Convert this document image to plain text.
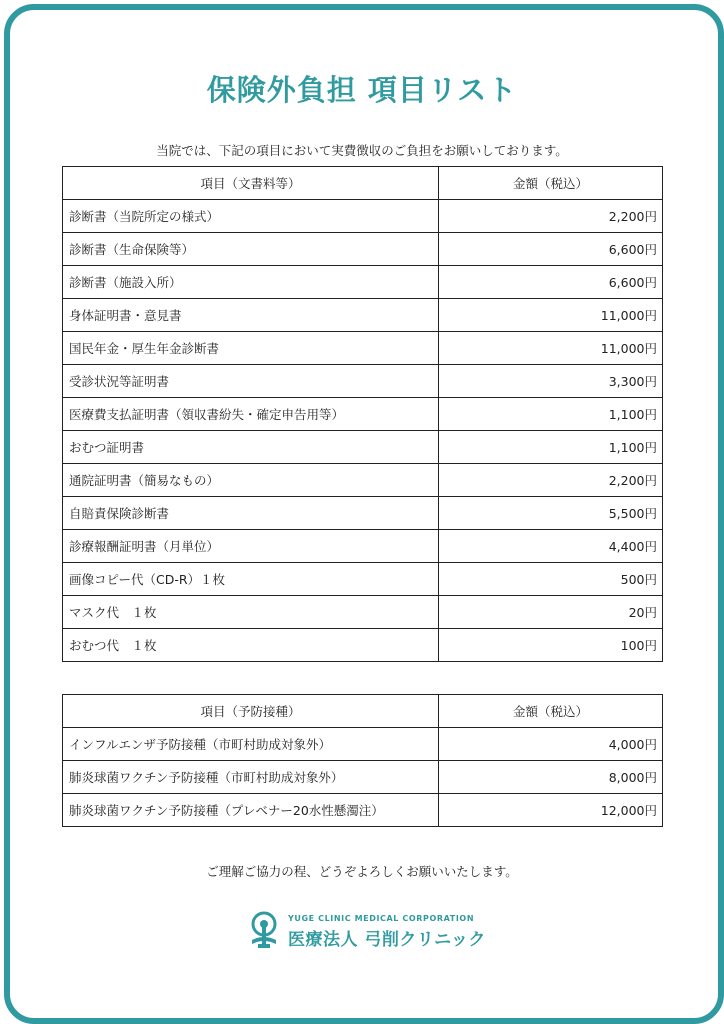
保険外負担 項目リスト
当院では、下記の項目において実費徴収のご負担をお願いしております。
項目（文書料等）	金額（税込）
診断書（当院所定の様式）	2,200円
診断書（生命保険等）	6,600円
診断書（施設入所）	6,600円
身体証明書・意見書	11,000円
国民年金・厚生年金診断書	11,000円
受診状況等証明書	3,300円
医療費支払証明書（領収書紛失・確定申告用等）	1,100円
おむつ証明書	1,100円
通院証明書（簡易なもの）	2,200円
自賠責保険診断書	5,500円
診療報酬証明書（月単位）	4,400円
画像コピー代（CD-R）１枚	500円
マスク代　１枚	20円
おむつ代　１枚	100円
項目（予防接種）	金額（税込）
インフルエンザ予防接種（市町村助成対象外）	4,000円
肺炎球菌ワクチン予防接種（市町村助成対象外）	8,000円
肺炎球菌ワクチン予防接種（プレベナー20水性懸濁注）	12,000円
ご理解ご協力の程、どうぞよろしくお願いいたします。
YUGE CLINIC MEDICAL CORPORATION
医療法人 弓削クリニック
